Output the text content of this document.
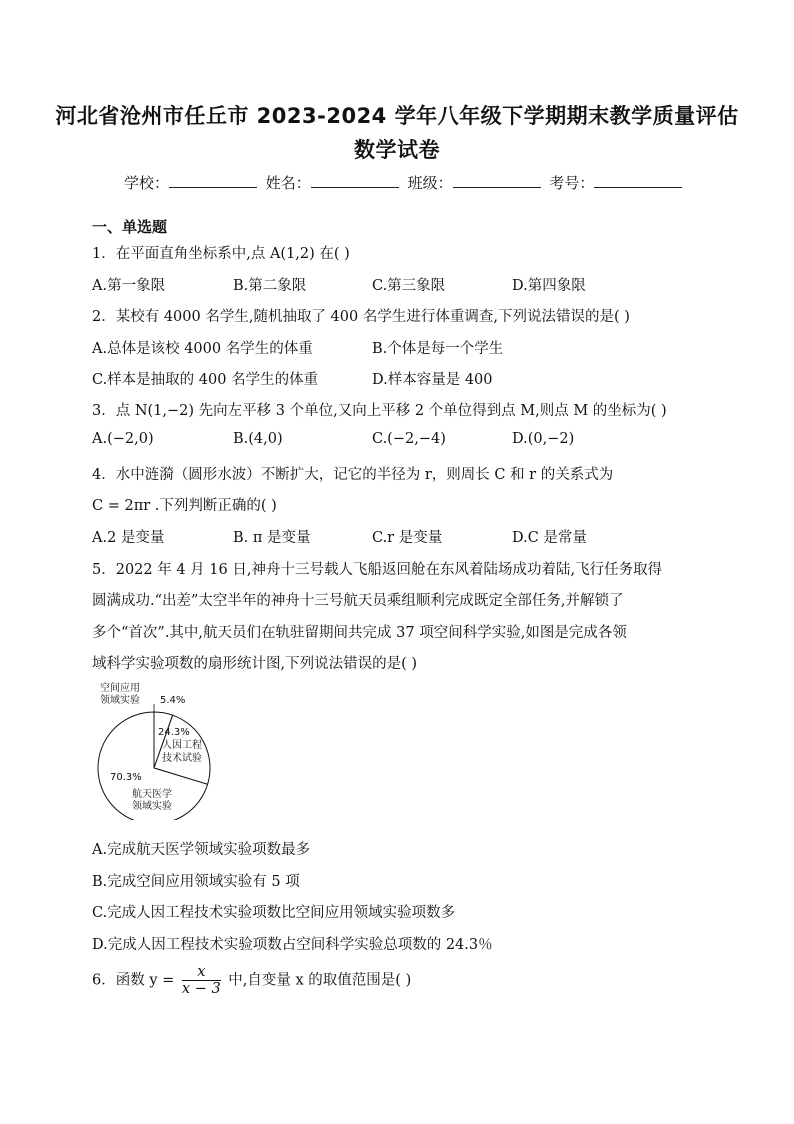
河北省沧州市任丘市 2023-2024 学年八年级下学期期末教学质量评估
数学试卷
学校：	姓名：	班级：	考号：
一、单选题
1．在平面直角坐标系中,点 A(1,2) 在( )
A.第一象限	B.第二象限	C.第三象限	D.第四象限
2．某校有 4000 名学生,随机抽取了 400 名学生进行体重调查,下列说法错误的是( )
A.总体是该校 4000 名学生的体重	B.个体是每一个学生
C.样本是抽取的 400 名学生的体重	D.样本容量是 400
3．点 N(1,−2) 先向左平移 3 个单位,又向上平移 2 个单位得到点 M,则点 M 的坐标为( )
A.(−2,0)	B.(4,0)	C.(−2,−4)	D.(0,−2)
4．水中涟漪（圆形水波）不断扩大，记它的半径为 r，则周长 C 和 r 的关系式为
C = 2πr .下列判断正确的( )
A.2 是变量	B. π 是变量	C.r 是变量	D.C 是常量
5．2022 年 4 月 16 日,神舟十三号载人飞船返回舱在东风着陆场成功着陆,飞行任务取得
圆满成功.“出差”太空半年的神舟十三号航天员乘组顺利完成既定全部任务,并解锁了
多个“首次”.其中,航天员们在轨驻留期间共完成 37 项空间科学实验,如图是完成各领
域科学实验项数的扇形统计图,下列说法错误的是( )
空间应用
领域实验 5.4%
24.3%
人因工程
技术试验
70.3%
航天医学
领域实验
A.完成航天医学领域实验项数最多
B.完成空间应用领域实验有 5 项
C.完成人因工程技术实验项数比空间应用领域实验项数多
D.完成人因工程技术实验项数占空间科学实验总项数的 24.3％
6．函数 $y = \frac{x}{x - 3}$ 中,自变量 x 的取值范围是( )
